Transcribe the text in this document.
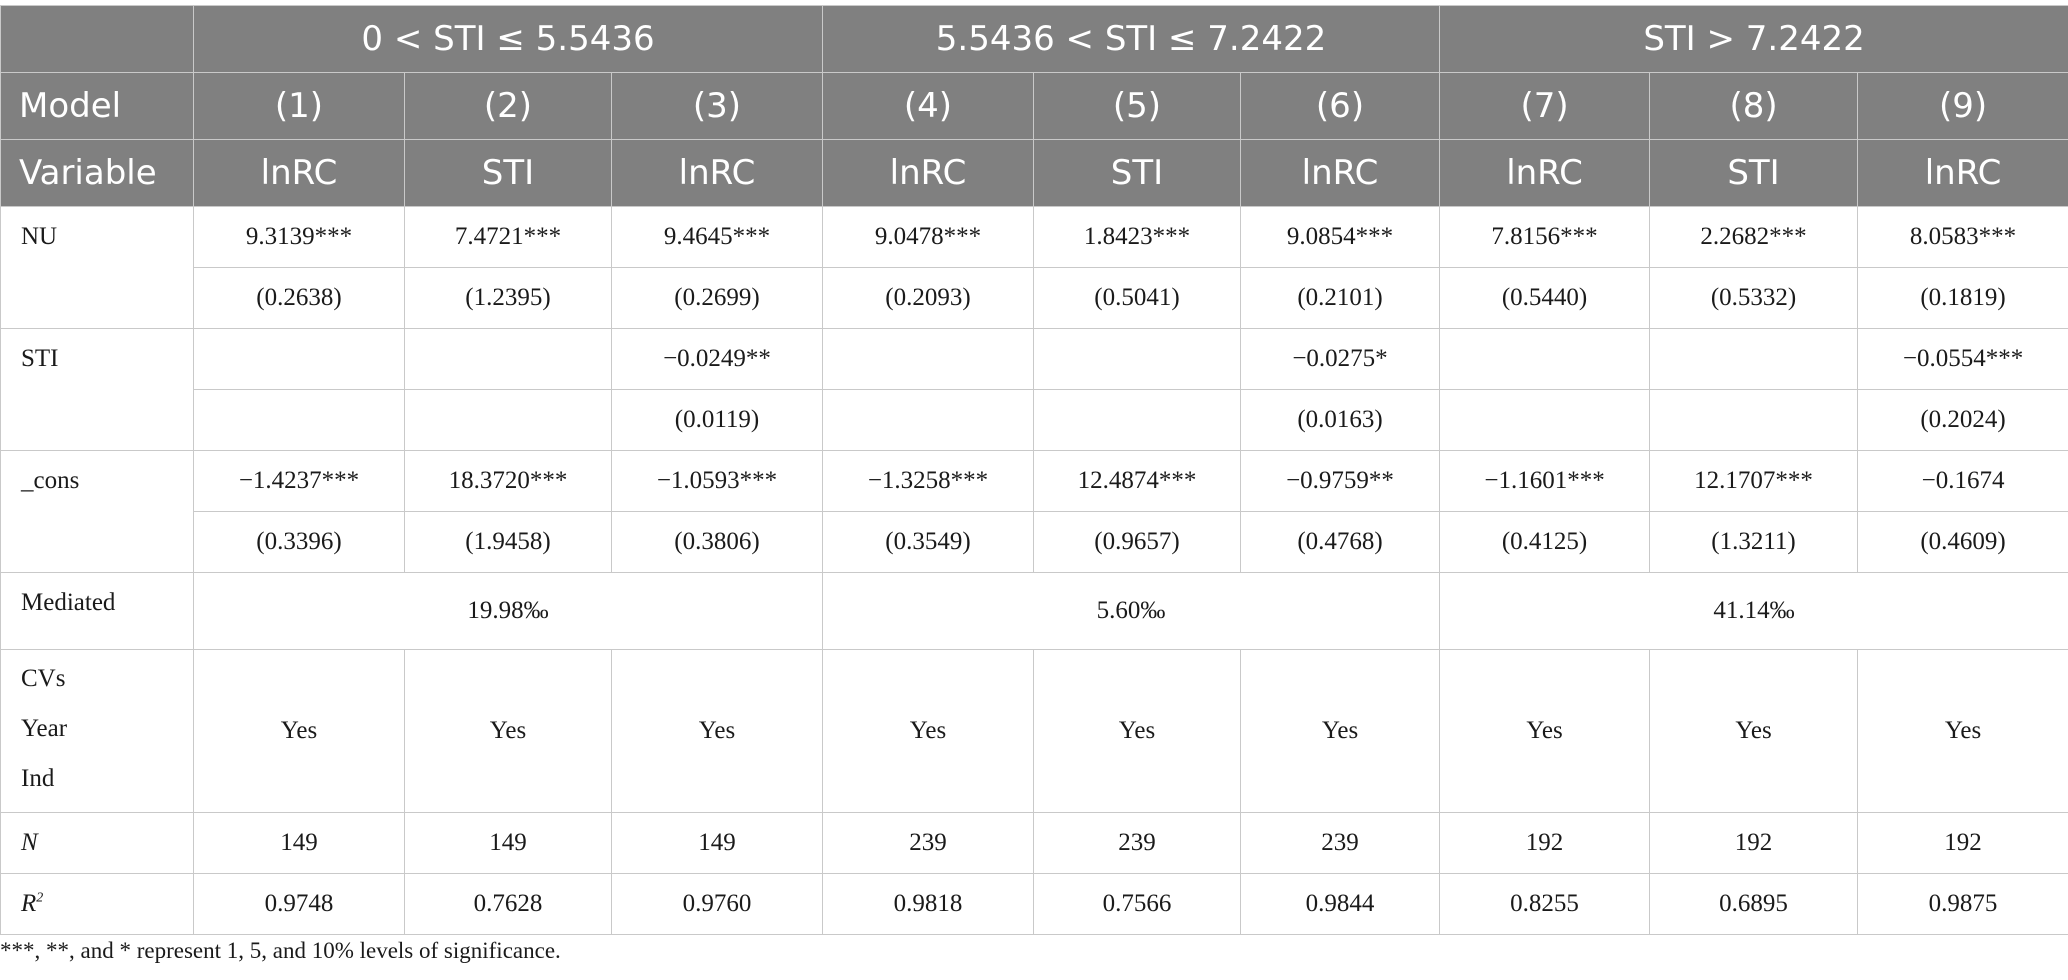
	0 < STI ≤ 5.5436			5.5436 < STI ≤ 7.2422			STI > 7.2422		
Model	(1)	(2)	(3)	(4)	(5)	(6)	(7)	(8)	(9)
Variable	lnRC	STI	lnRC	lnRC	STI	lnRC	lnRC	STI	lnRC
NU	9.3139***	7.4721***	9.4645***	9.0478***	1.8423***	9.0854***	7.8156***	2.2682***	8.0583***
	(0.2638)	(1.2395)	(0.2699)	(0.2093)	(0.5041)	(0.2101)	(0.5440)	(0.5332)	(0.1819)
STI			−0.0249**			−0.0275*			−0.0554***
			(0.0119)			(0.0163)			(0.2024)
_cons	−1.4237***	18.3720***	−1.0593***	−1.3258***	12.4874***	−0.9759**	−1.1601***	12.1707***	−0.1674
	(0.3396)	(1.9458)	(0.3806)	(0.3549)	(0.9657)	(0.4768)	(0.4125)	(1.3211)	(0.4609)
Mediated	19.98‰			5.60‰			41.14‰		

CVs
Year
Ind	Yes	Yes	Yes	Yes	Yes	Yes	Yes	Yes	Yes
N	149	149	149	239	239	239	192	192	192
$R^2$	0.9748	0.7628	0.9760	0.9818	0.7566	0.9844	0.8255	0.6895	0.9875
***, **, and * represent 1, 5, and 10% levels of significance.
